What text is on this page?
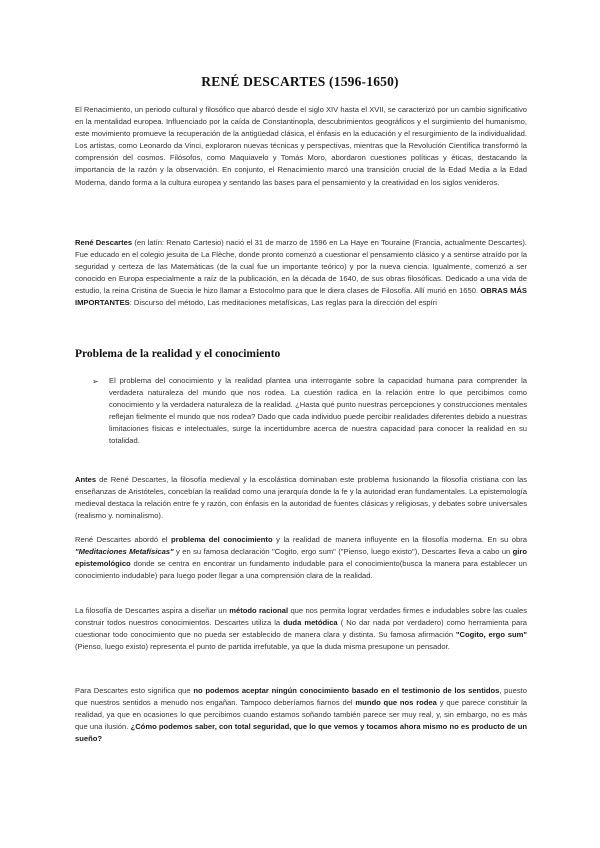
RENÉ DESCARTES (1596-1650)

El Renacimiento, un periodo cultural y filosófico que abarcó desde el siglo XIV hasta el XVII, se caracterizó por un cambio significativo en la mentalidad europea. Influenciado por la caída de Constantinopla, descubrimientos geográficos y el surgimiento del humanismo, este movimiento promueve la recuperación de la antigüedad clásica, el énfasis en la educación y el resurgimiento de la individualidad. Los artistas, como Leonardo da Vinci, exploraron nuevas técnicas y perspectivas, mientras que la Revolución Científica transformó la comprensión del cosmos. Filósofos, como Maquiavelo y Tomás Moro, abordaron cuestiones políticas y éticas, destacando la importancia de la razón y la observación. En conjunto, el Renacimiento marcó una transición crucial de la Edad Media a la Edad Moderna, dando forma a la cultura europea y sentando las bases para el pensamiento y la creatividad en los siglos venideros.

René Descartes (en latín: Renato Cartesio) nació el 31 de marzo de 1596 en La Haye en Touraine (Francia, actualmente Descartes). Fue educado en el colegio jesuita de La Flèche, donde pronto comenzó a cuestionar el pensamiento clásico y a sentirse atraído por la seguridad y certeza de las Matemáticas (de la cual fue un importante teórico) y por la nueva ciencia. Igualmente, comenzó a ser conocido en Europa especialmente a raíz de la publicación, en la década de 1640, de sus obras filosóficas. Dedicado a una vida de estudio, la reina Cristina de Suecia le hizo llamar a Estocolmo para que le diera clases de Filosofía. Allí murió en 1650. OBRAS MÁS IMPORTANTES: Discurso del método, Las meditaciones metafísicas, Las reglas para la dirección del espíri

Problema de la realidad y el conocimiento
➢ El problema del conocimiento y la realidad plantea una interrogante sobre la capacidad humana para comprender la verdadera naturaleza del mundo que nos rodea. La cuestión radica en la relación entre lo que percibimos como conocimiento y la verdadera naturaleza de la realidad. ¿Hasta qué punto nuestras percepciones y construcciones mentales reflejan fielmente el mundo que nos rodea? Dado que cada individuo puede percibir realidades diferentes debido a nuestras limitaciones físicas e intelectuales, surge la incertidumbre acerca de nuestra capacidad para conocer la realidad en su totalidad.

Antes de René Descartes, la filosofía medieval y la escolástica dominaban este problema fusionando la filosofía cristiana con las enseñanzas de Aristóteles, concebían la realidad como una jerarquía donde la fe y la autoridad eran fundamentales. La epistemología medieval destaca la relación entre fe y razón, con énfasis en la autoridad de fuentes clásicas y religiosas, y debates sobre universales (realismo y. nominalismo).

René Descartes abordó el problema del conocimiento y la realidad de manera influyente en la filosofía moderna. En su obra "Meditaciones Metafísicas" y en su famosa declaración "Cogito, ergo sum" ("Pienso, luego existo"), Descartes lleva a cabo un giro epistemológico donde se centra en encontrar un fundamento indudable para el conocimiento(busca la manera para establecer un conocimiento indudable) para luego poder llegar a una comprensión clara de la realidad.

La filosofía de Descartes aspira a diseñar un método racional que nos permita lograr verdades firmes e indudables sobre las cuales construir todos nuestros conocimientos. Descartes utiliza la duda metódica ( No dar nada por verdadero) como herramienta para cuestionar todo conocimiento que no pueda ser establecido de manera clara y distinta. Su famosa afirmación "Cogito, ergo sum" (Pienso, luego existo) representa el punto de partida irrefutable, ya que la duda misma presupone un pensador.

Para Descartes esto significa que no podemos aceptar ningún conocimiento basado en el testimonio de los sentidos, puesto que nuestros sentidos a menudo nos engañan. Tampoco deberíamos fiarnos del mundo que nos rodea y que parece constituir la realidad, ya que en ocasiones lo que percibimos cuando estamos soñando también parece ser muy real, y, sin embargo, no es más que una ilusión. ¿Cómo podemos saber, con total seguridad, que lo que vemos y tocamos ahora mismo no es producto de un sueño?
